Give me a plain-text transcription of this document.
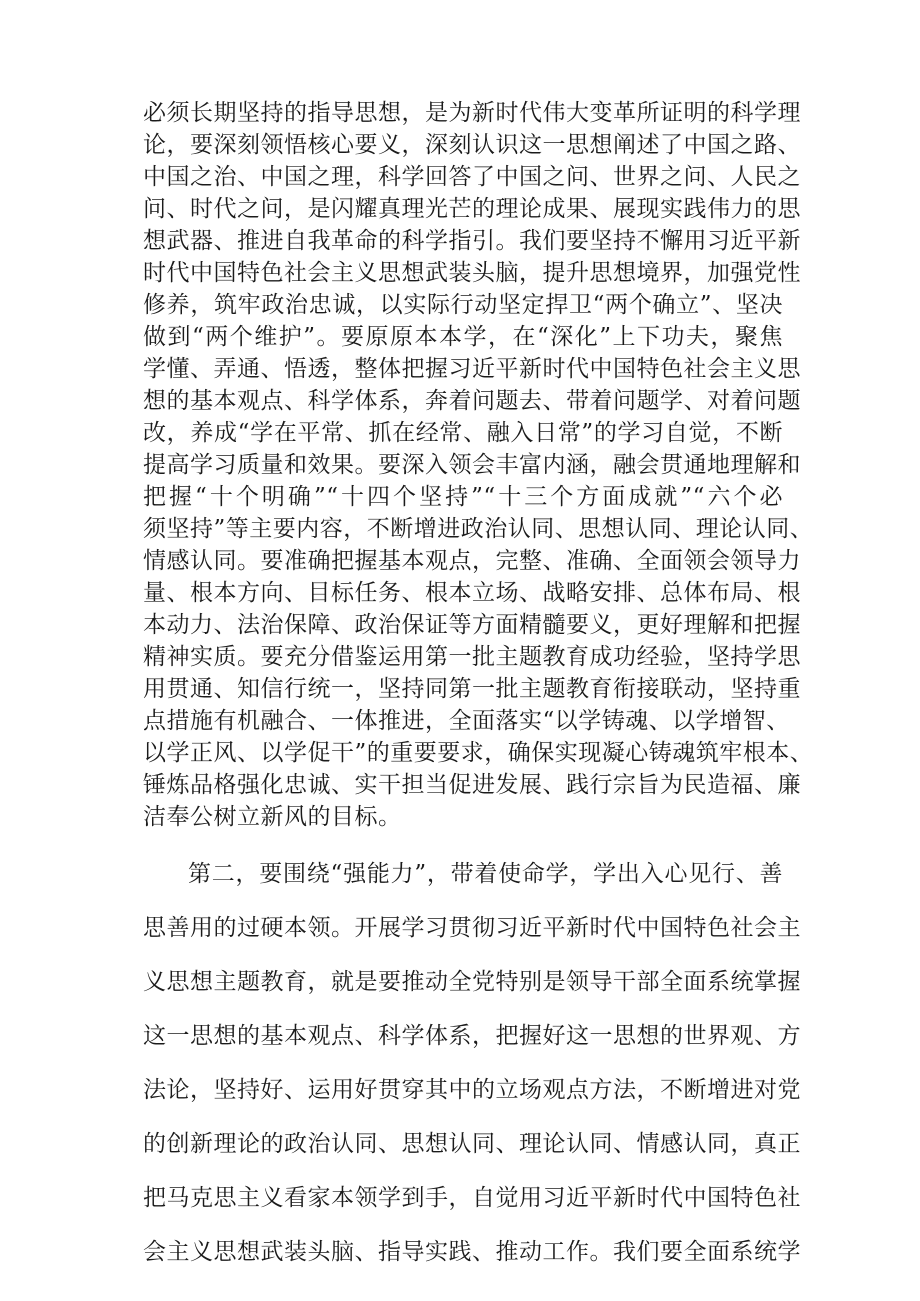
必须长期坚持的指导思想，是为新时代伟大变革所证明的科学理
论，要深刻领悟核心要义，深刻认识这一思想阐述了中国之路、
中国之治、中国之理，科学回答了中国之问、世界之问、人民之
问、时代之问，是闪耀真理光芒的理论成果、展现实践伟力的思
想武器、推进自我革命的科学指引。我们要坚持不懈用习近平新
时代中国特色社会主义思想武装头脑，提升思想境界，加强党性
修养，筑牢政治忠诚，以实际行动坚定捍卫“两个确立”、坚决
做到“两个维护”。要原原本本学，在“深化”上下功夫，聚焦
学懂、弄通、悟透，整体把握习近平新时代中国特色社会主义思
想的基本观点、科学体系，奔着问题去、带着问题学、对着问题
改，养成“学在平常、抓在经常、融入日常”的学习自觉，不断
提高学习质量和效果。要深入领会丰富内涵，融会贯通地理解和
把握“十个明确”“十四个坚持”“十三个方面成就”“六个必
须坚持”等主要内容，不断增进政治认同、思想认同、理论认同、
情感认同。要准确把握基本观点，完整、准确、全面领会领导力
量、根本方向、目标任务、根本立场、战略安排、总体布局、根
本动力、法治保障、政治保证等方面精髓要义，更好理解和把握
精神实质。要充分借鉴运用第一批主题教育成功经验，坚持学思
用贯通、知信行统一，坚持同第一批主题教育衔接联动，坚持重
点措施有机融合、一体推进，全面落实“以学铸魂、以学增智、
以学正风、以学促干”的重要要求，确保实现凝心铸魂筑牢根本、
锤炼品格强化忠诚、实干担当促进发展、践行宗旨为民造福、廉
洁奉公树立新风的目标。
第二，要围绕“强能力”，带着使命学，学出入心见行、善
思善用的过硬本领。开展学习贯彻习近平新时代中国特色社会主
义思想主题教育，就是要推动全党特别是领导干部全面系统掌握
这一思想的基本观点、科学体系，把握好这一思想的世界观、方
法论，坚持好、运用好贯穿其中的立场观点方法，不断增进对党
的创新理论的政治认同、思想认同、理论认同、情感认同，真正
把马克思主义看家本领学到手，自觉用习近平新时代中国特色社
会主义思想武装头脑、指导实践、推动工作。我们要全面系统学
